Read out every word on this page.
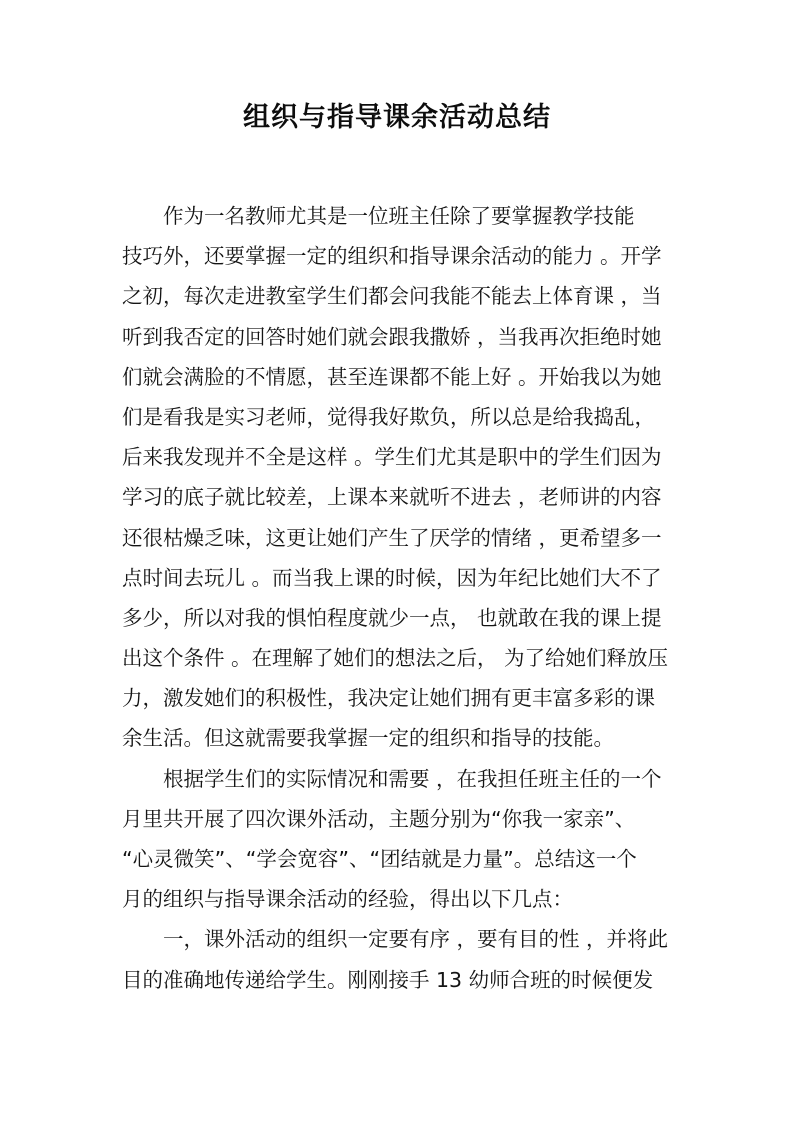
组织与指导课余活动总结
作为一名教师尤其是一位班主任除了要掌握教学技能
技巧外，还要掌握一定的组织和指导课余活动的能力 。开学
之初，每次走进教室学生们都会问我能不能去上体育课 ，当
听到我否定的回答时她们就会跟我撒娇 ，当我再次拒绝时她
们就会满脸的不情愿，甚至连课都不能上好 。开始我以为她
们是看我是实习老师，觉得我好欺负，所以总是给我捣乱，
后来我发现并不全是这样 。学生们尤其是职中的学生们因为
学习的底子就比较差，上课本来就听不进去 ，老师讲的内容
还很枯燥乏味，这更让她们产生了厌学的情绪 ，更希望多一
点时间去玩儿 。而当我上课的时候，因为年纪比她们大不了
多少，所以对我的惧怕程度就少一点， 也就敢在我的课上提
出这个条件 。在理解了她们的想法之后， 为了给她们释放压
力，激发她们的积极性，我决定让她们拥有更丰富多彩的课
余生活。但这就需要我掌握一定的组织和指导的技能。
根据学生们的实际情况和需要 ，在我担任班主任的一个
月里共开展了四次课外活动，主题分别为“你我一家亲”、
“心灵微笑”、“学会宽容”、“团结就是力量”。总结这一个
月的组织与指导课余活动的经验，得出以下几点：
一，课外活动的组织一定要有序 ，要有目的性 ，并将此
目的准确地传递给学生。刚刚接手 13 幼师合班的时候便发
